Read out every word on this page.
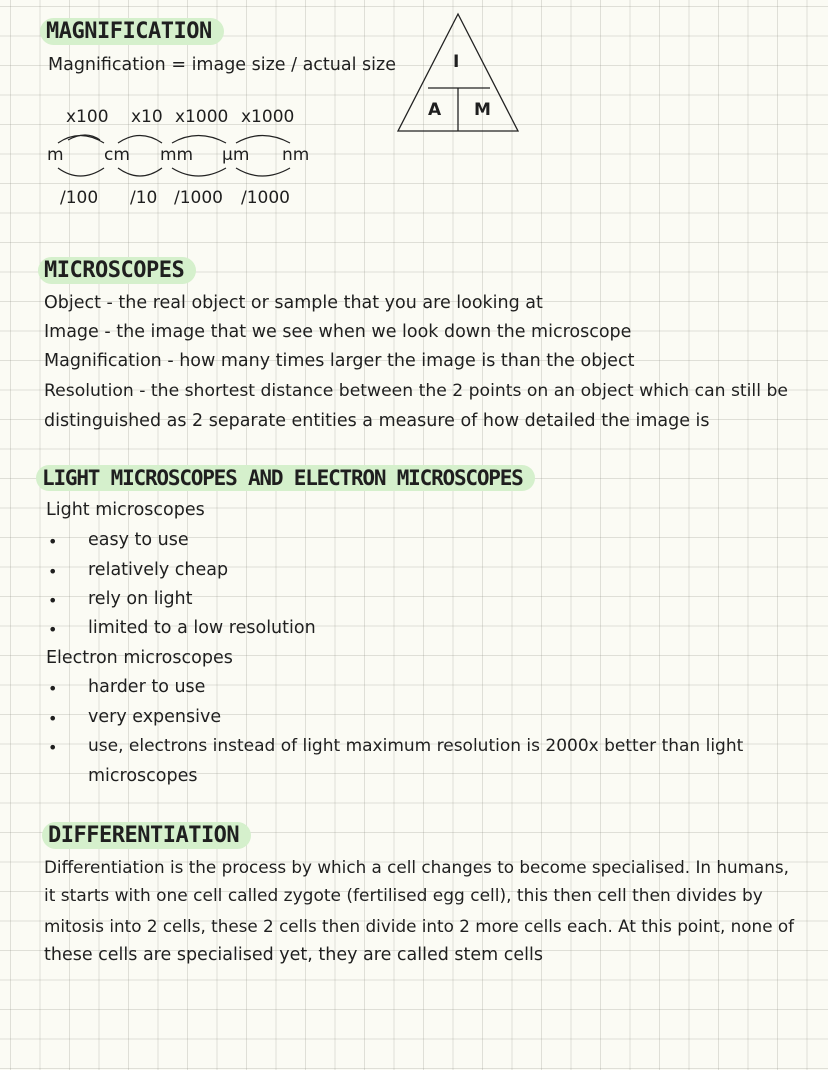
MAGNIFICATION
Magnification = image size / actual size
x100 x10 x1000 x1000
m cm mm μm nm
/100 /10 /1000 /1000
I
A M
MICROSCOPES
Object - the real object or sample that you are looking at
Image - the image that we see when we look down the microscope
Magnification - how many times larger the image is than the object
Resolution - the shortest distance between the 2 points on an object which can still be
distinguished as 2 separate entities a measure of how detailed the image is
LIGHT MICROSCOPES AND ELECTRON MICROSCOPES
Light microscopes
• easy to use
• relatively cheap
• rely on light
• limited to a low resolution
Electron microscopes
• harder to use
• very expensive
• use, electrons instead of light maximum resolution is 2000x better than light
microscopes
DIFFERENTIATION
Differentiation is the process by which a cell changes to become specialised. In humans,
it starts with one cell called zygote (fertilised egg cell), this then cell then divides by
mitosis into 2 cells, these 2 cells then divide into 2 more cells each. At this point, none of
these cells are specialised yet, they are called stem cells
